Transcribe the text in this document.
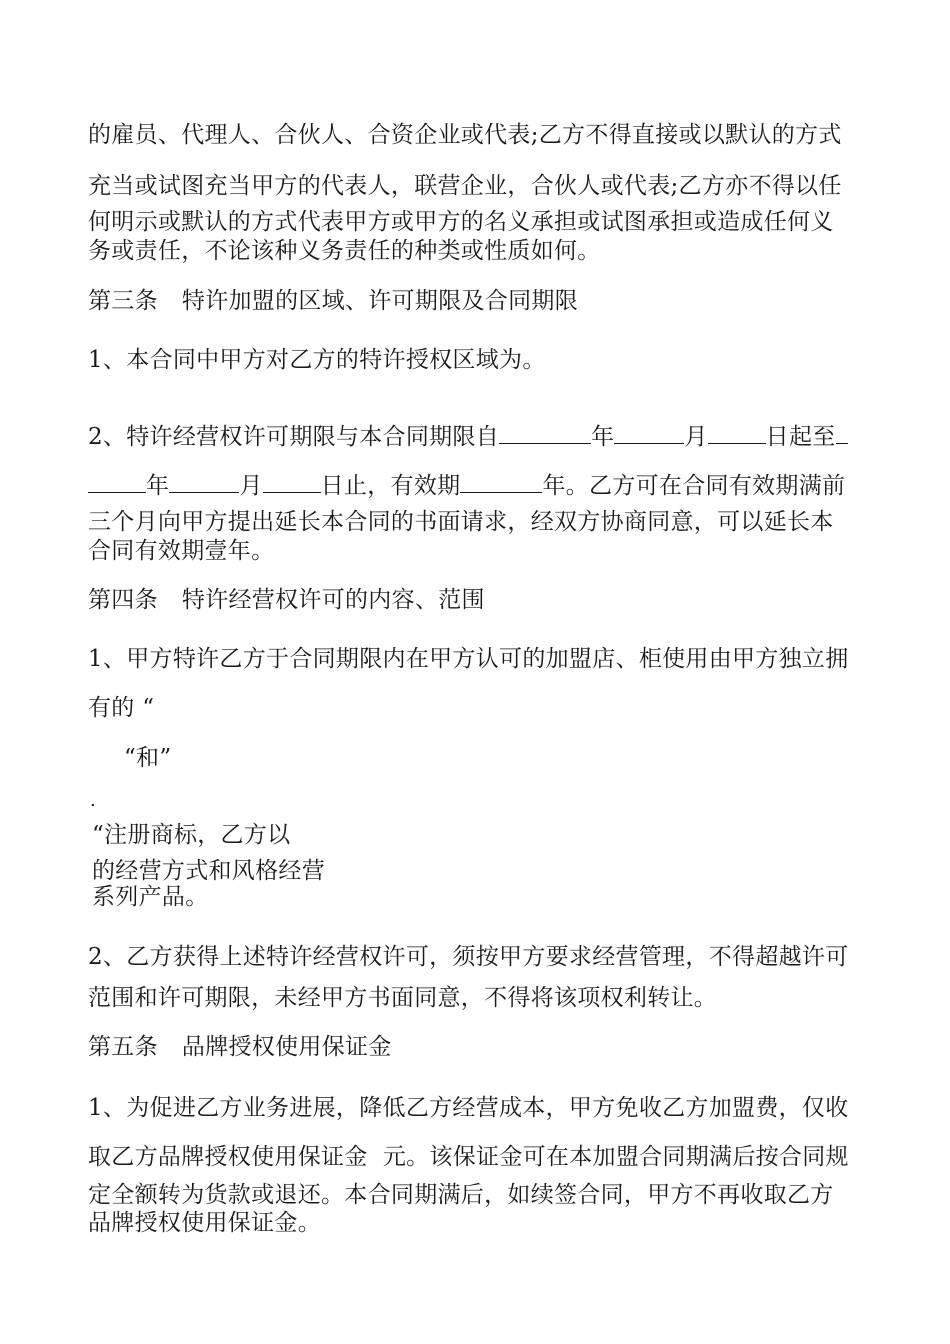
的雇员、代理人、合伙人、合资企业或代表;乙方不得直接或以默认的方式
充当或试图充当甲方的代表人，联营企业，合伙人或代表;乙方亦不得以任
何明示或默认的方式代表甲方或甲方的名义承担或试图承担或造成任何义
务或责任，不论该种义务责任的种类或性质如何。
第三条 特许加盟的区域、许可期限及合同期限
1、本合同中甲方对乙方的特许授权区域为。
2、特许经营权许可期限与本合同期限自	年	月	日起至
年	月	日止，有效期	年。乙方可在合同有效期满前
三个月向甲方提出延长本合同的书面请求，经双方协商同意，可以延长本
合同有效期壹年。
第四条 特许经营权许可的内容、范围
1、甲方特许乙方于合同期限内在甲方认可的加盟店、柜使用由甲方独立拥
有的 “
“和”
.
“注册商标，乙方以
的经营方式和风格经营
系列产品。
2、乙方获得上述特许经营权许可，须按甲方要求经营管理，不得超越许可
范围和许可期限，未经甲方书面同意，不得将该项权利转让。
第五条 品牌授权使用保证金
1、为促进乙方业务进展，降低乙方经营成本，甲方免收乙方加盟费，仅收
取乙方品牌授权使用保证金  元。该保证金可在本加盟合同期满后按合同规
定全额转为货款或退还。本合同期满后，如续签合同，甲方不再收取乙方
品牌授权使用保证金。
